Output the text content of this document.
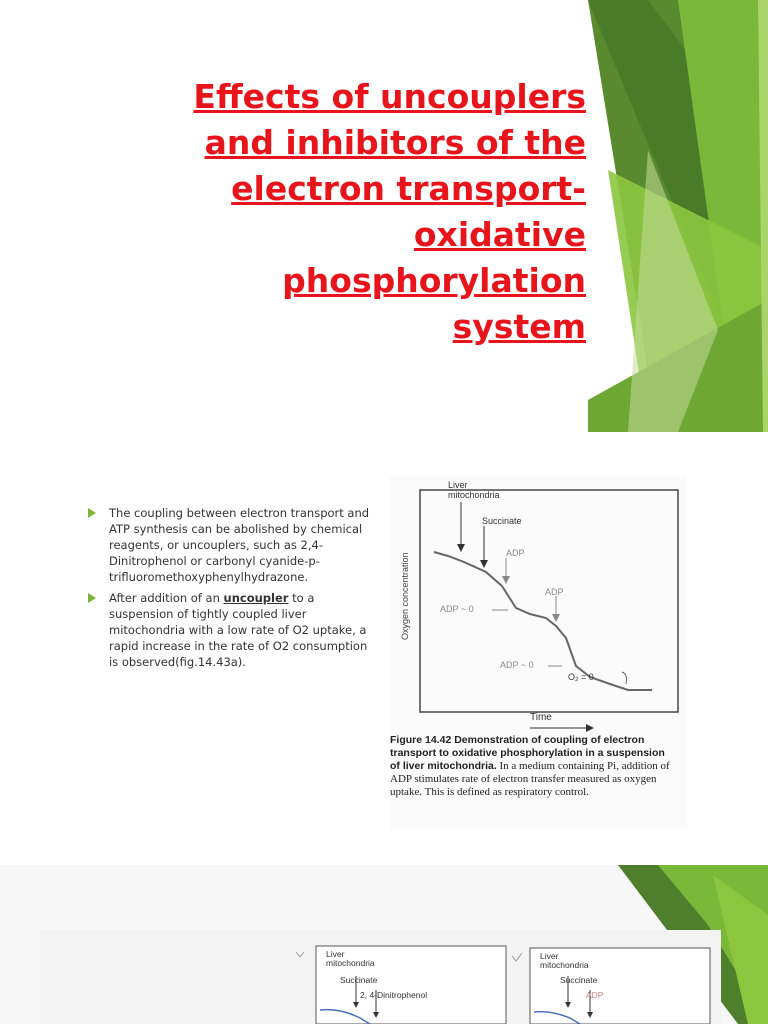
Effects of uncouplers and inhibitors of the electron transport-oxidative phosphorylation system
The coupling between electron transport and ATP synthesis can be abolished by chemical reagents, or uncouplers, such as 2,4- Dinitrophenol or carbonyl cyanide-p-trifluoromethoxyphenylhydrazone.
After addition of an uncoupler to a suspension of tightly coupled liver mitochondria with a low rate of O2 uptake, a rapid increase in the rate of O2 consumption is observed(fig.14.43a).
Liver mitochondria
Succinate
ADP
ADP ~ 0
ADP
ADP ~ 0
O₂ = 0
Oxygen concentration
Time
Figure 14.42 Demonstration of coupling of electron transport to oxidative phosphorylation in a suspension of liver mitochondria. In a medium containing Pi, addition of ADP stimulates rate of electron transfer measured as oxygen uptake. This is defined as respiratory control.
Liver mitochondria
Succinate
2, 4-Dinitrophenol
Liver mitochondria
Succinate
ADP
